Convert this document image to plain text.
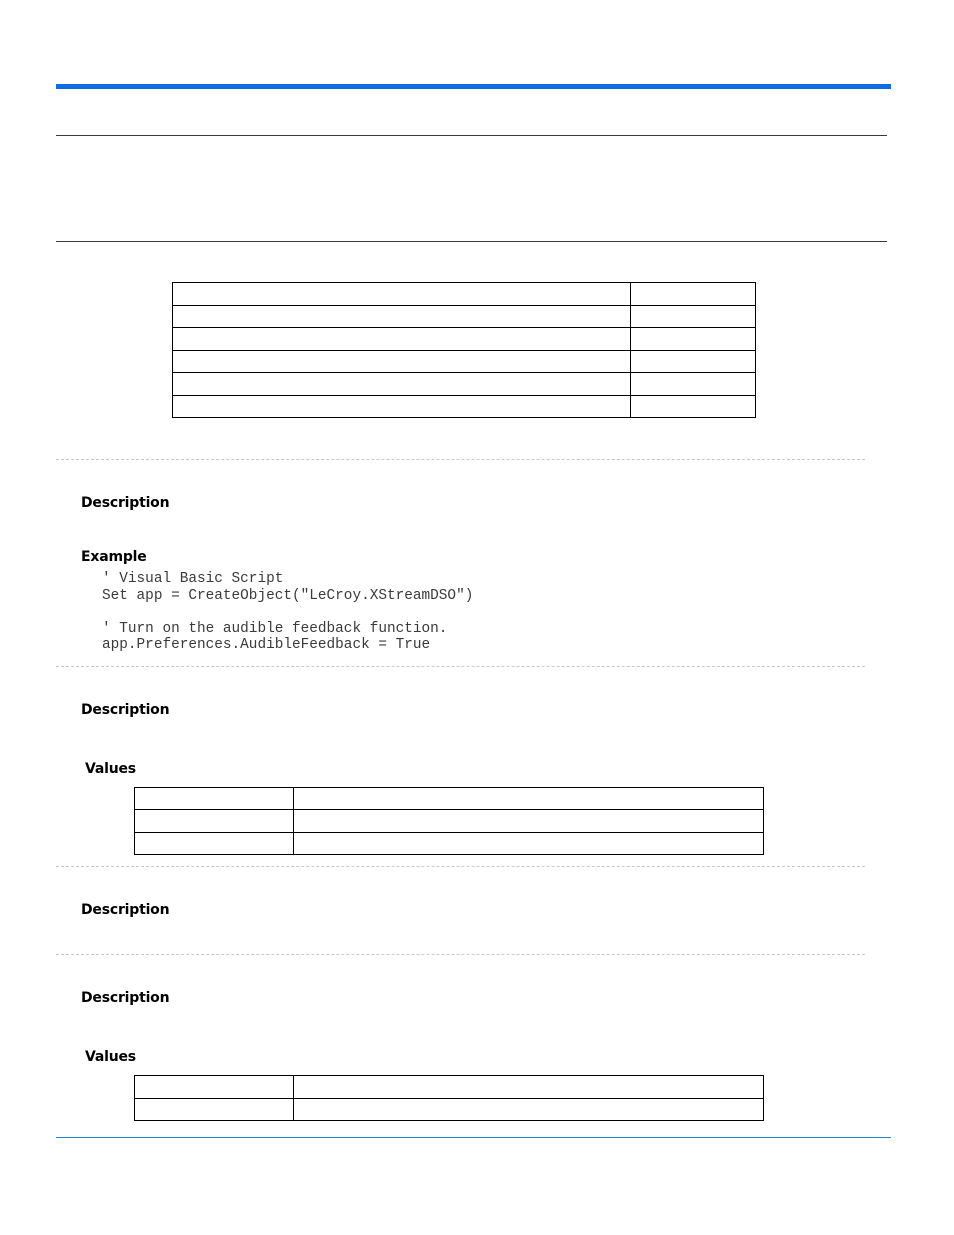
Description
Example
' Visual Basic Script
Set app = CreateObject("LeCroy.XStreamDSO")

' Turn on the audible feedback function.
app.Preferences.AudibleFeedback = True
Description
Values

Description
Description
Values
